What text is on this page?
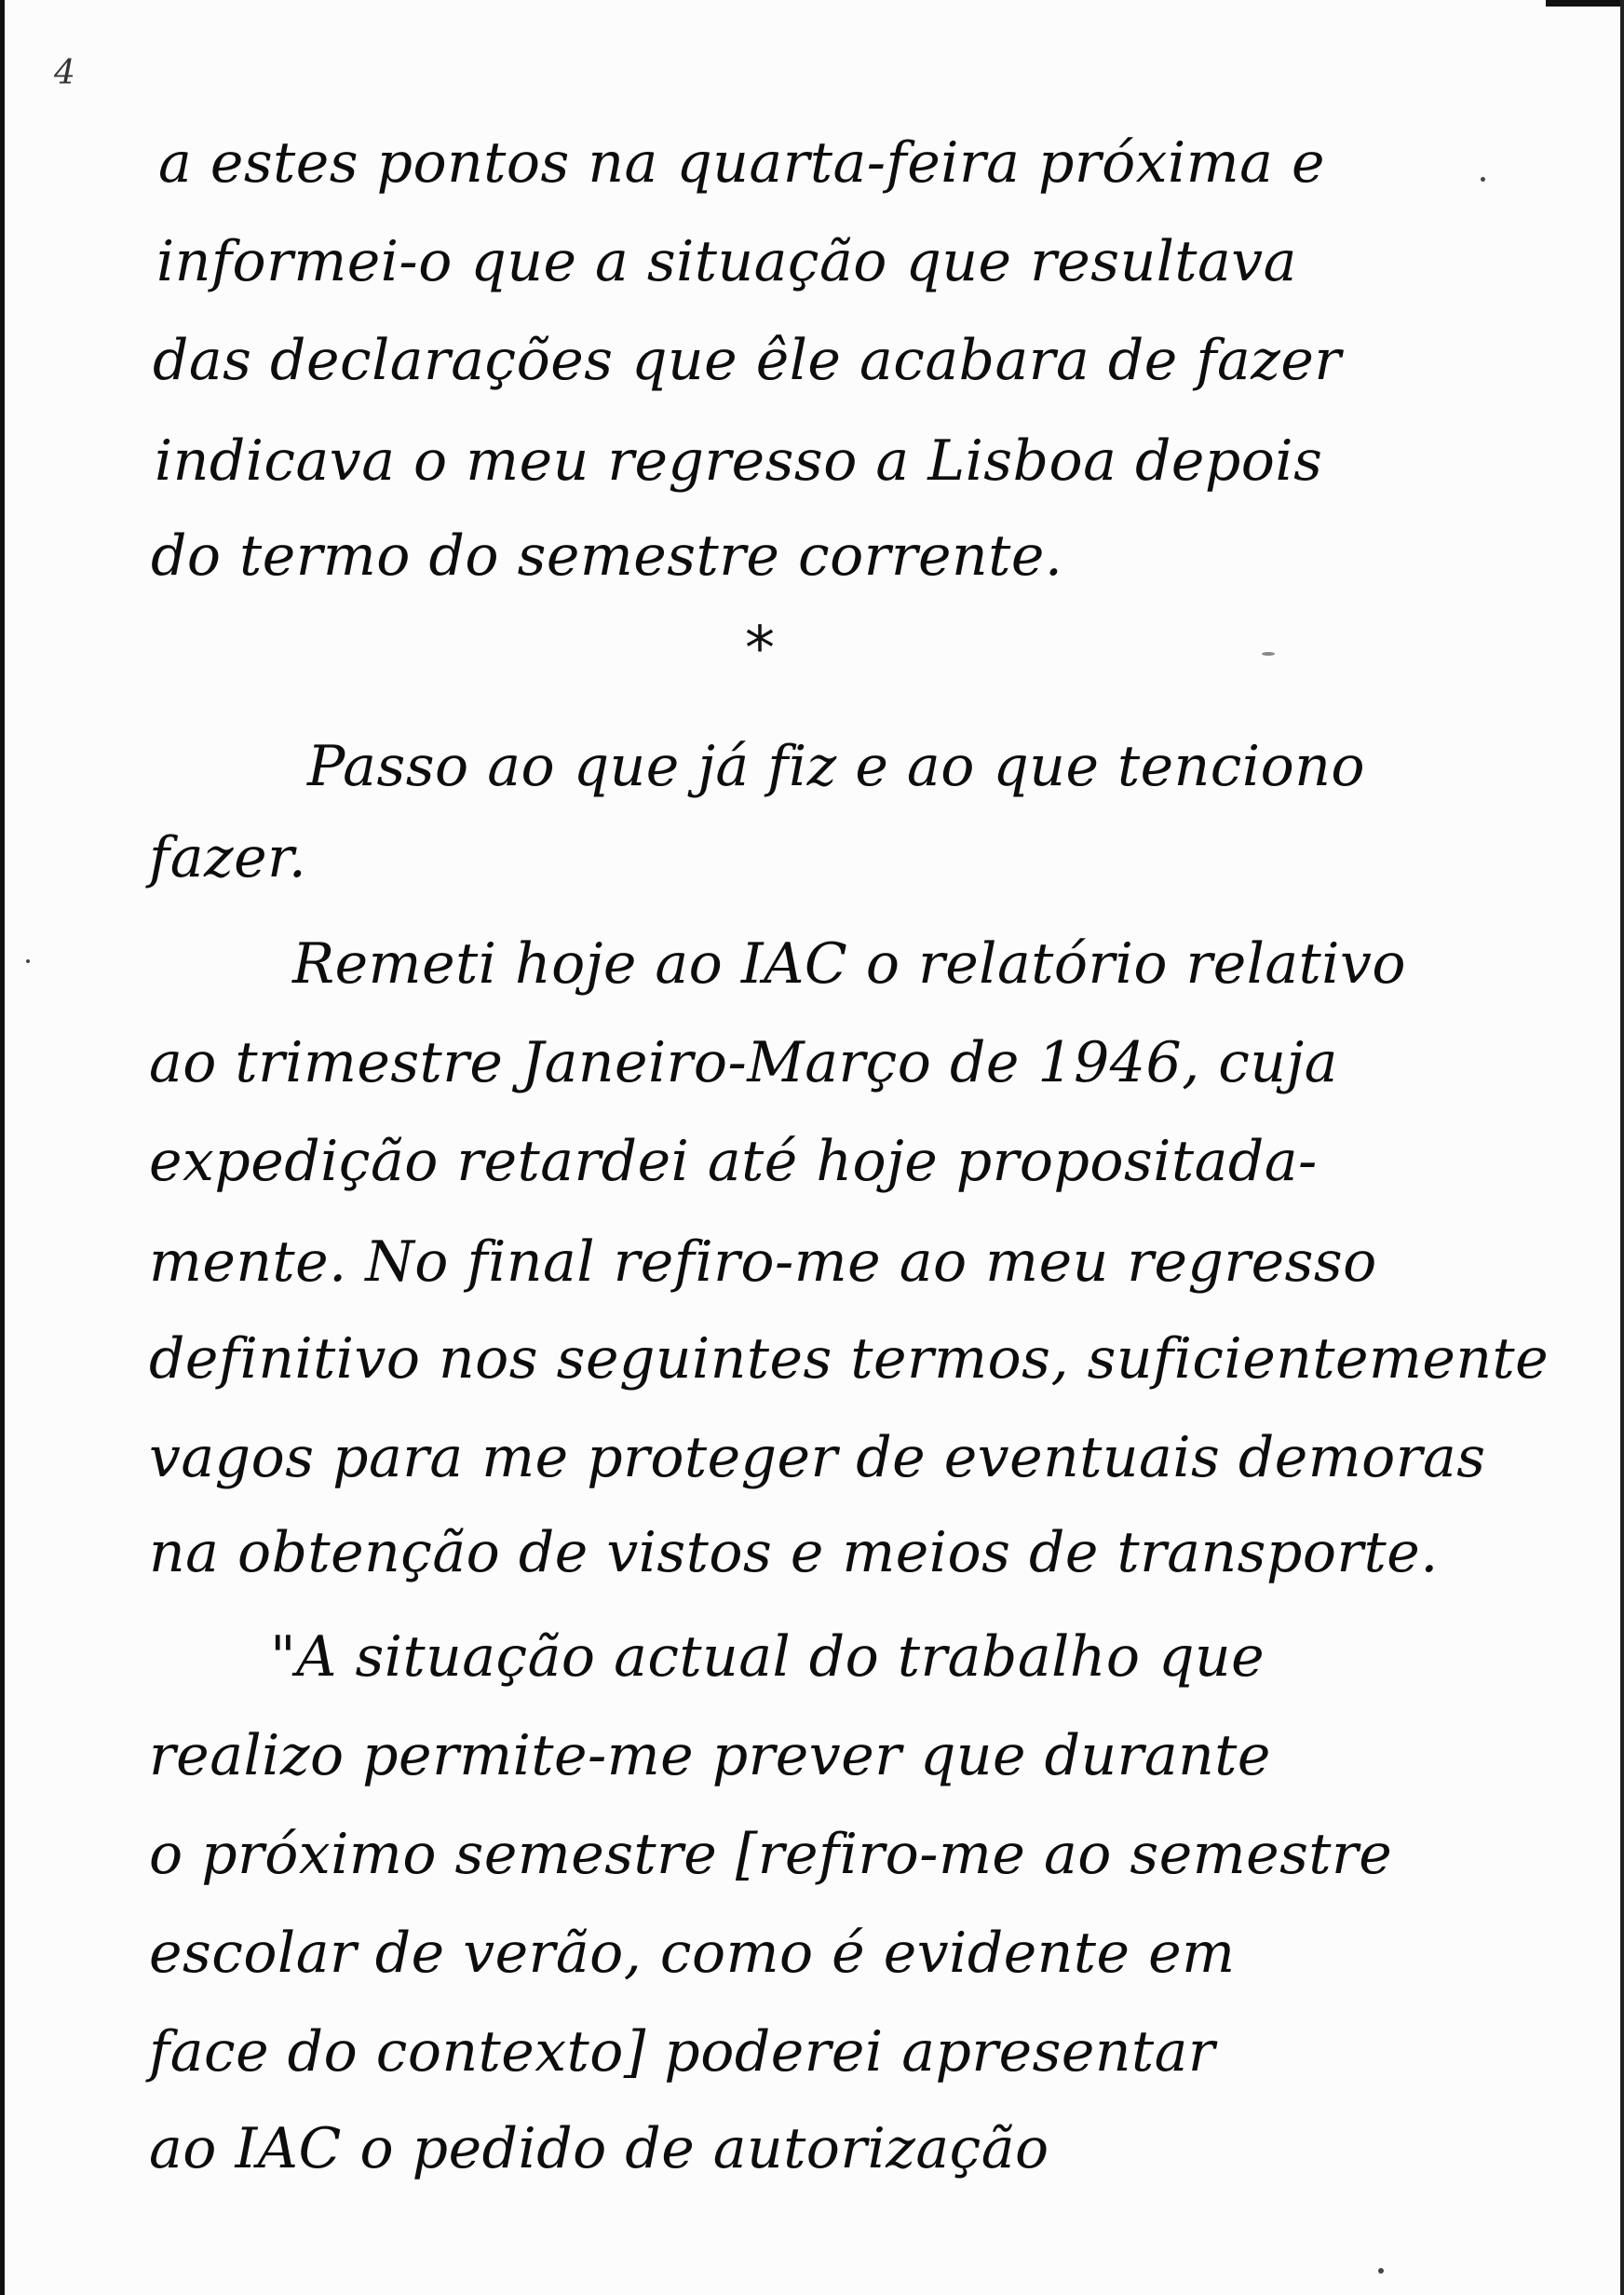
4
a estes pontos na quarta-feira próxima e
informei-o que a situação que resultava
das declarações que êle acabara de fazer
indicava o meu regresso a Lisboa depois
do termo do semestre corrente.
*
Passo ao que já fiz e ao que tenciono
fazer.
Remeti hoje ao IAC o relatório relativo
ao trimestre Janeiro-Março de 1946, cuja
expedição retardei até hoje propositada-
mente. No final refiro-me ao meu regresso
definitivo nos seguintes termos, suficientemente
vagos para me proteger de eventuais demoras
na obtenção de vistos e meios de transporte.
"A situação actual do trabalho que
realizo permite-me prever que durante
o próximo semestre [refiro-me ao semestre
escolar de verão, como é evidente em
face do contexto] poderei apresentar
ao IAC o pedido de autorização
